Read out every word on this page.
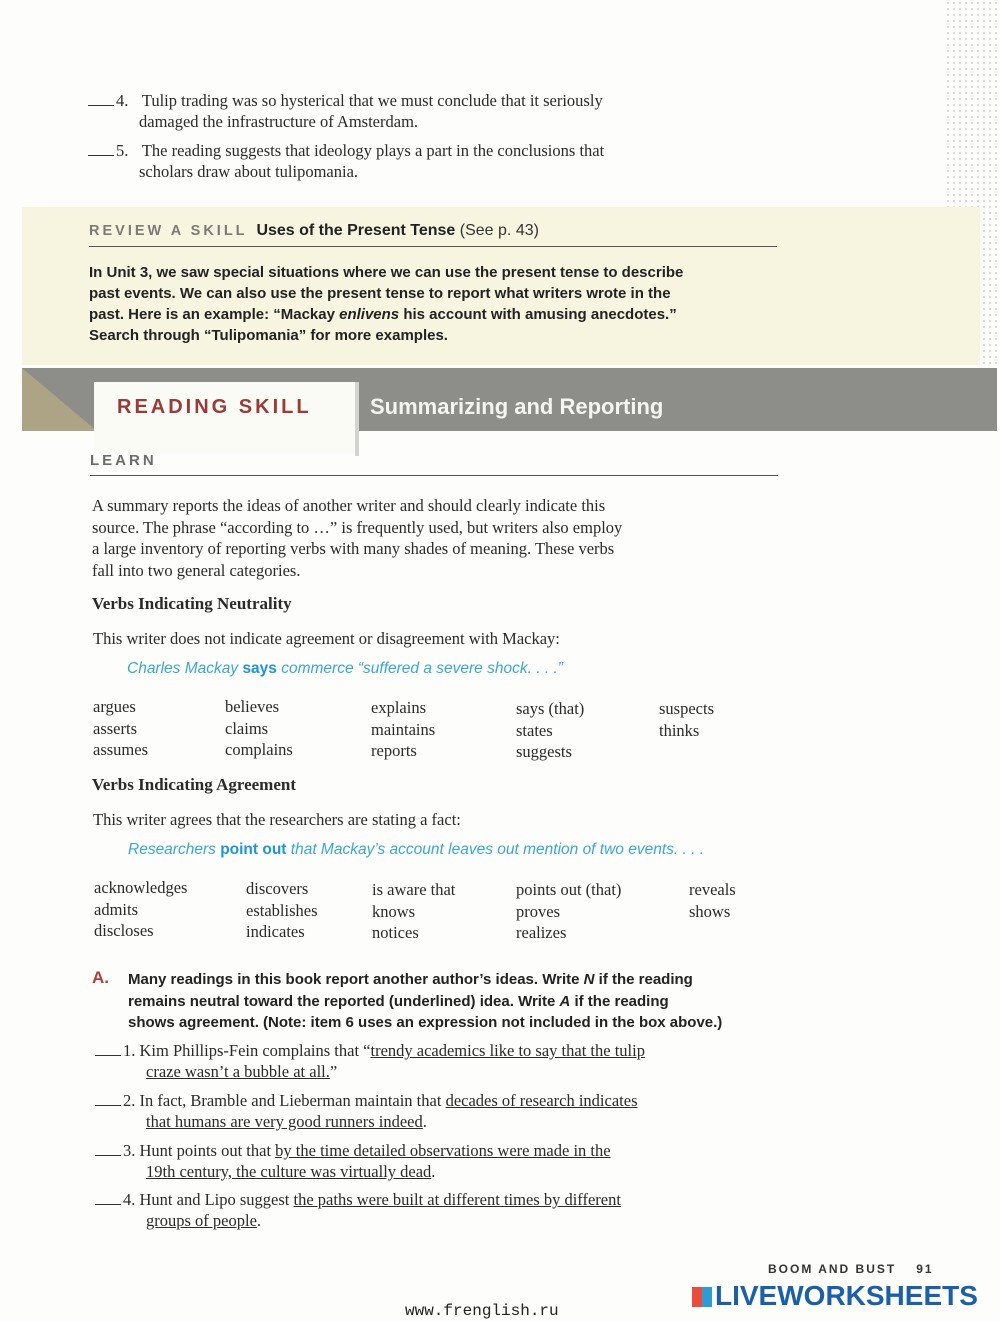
4. Tulip trading was so hysterical that we must conclude that it seriously
damaged the infrastructure of Amsterdam.
5. The reading suggests that ideology plays a part in the conclusions that
scholars draw about tulipomania.
REVIEW A SKILL Uses of the Present Tense (See p. 43)
In Unit 3, we saw special situations where we can use the present tense to describe
past events. We can also use the present tense to report what writers wrote in the
past. Here is an example: “Mackay enlivens his account with amusing anecdotes.”
Search through “Tulipomania” for more examples.
READING SKILL	Summarizing and Reporting
LEARN
A summary reports the ideas of another writer and should clearly indicate this
source. The phrase “according to …” is frequently used, but writers also employ
a large inventory of reporting verbs with many shades of meaning. These verbs
fall into two general categories.
Verbs Indicating Neutrality
This writer does not indicate agreement or disagreement with Mackay:
Charles Mackay says commerce “suffered a severe shock. . . .”
argues
asserts
assumes
believes
claims
complains
explains
maintains
reports
says (that)
states
suggests
suspects
thinks
Verbs Indicating Agreement
This writer agrees that the researchers are stating a fact:
Researchers point out that Mackay’s account leaves out mention of two events. . . .
acknowledges
admits
discloses
discovers
establishes
indicates
is aware that
knows
notices
points out (that)
proves
realizes
reveals
shows
A. Many readings in this book report another author’s ideas. Write N if the reading
remains neutral toward the reported (underlined) idea. Write A if the reading
shows agreement. (Note: item 6 uses an expression not included in the box above.)
1. Kim Phillips-Fein complains that “trendy academics like to say that the tulip
craze wasn’t a bubble at all.”
2. In fact, Bramble and Lieberman maintain that decades of research indicates
that humans are very good runners indeed.
3. Hunt points out that by the time detailed observations were made in the
19th century, the culture was virtually dead.
4. Hunt and Lipo suggest the paths were built at different times by different
groups of people.
BOOM AND BUST 91
LIVEWORKSHEETS
www.frenglish.ru
